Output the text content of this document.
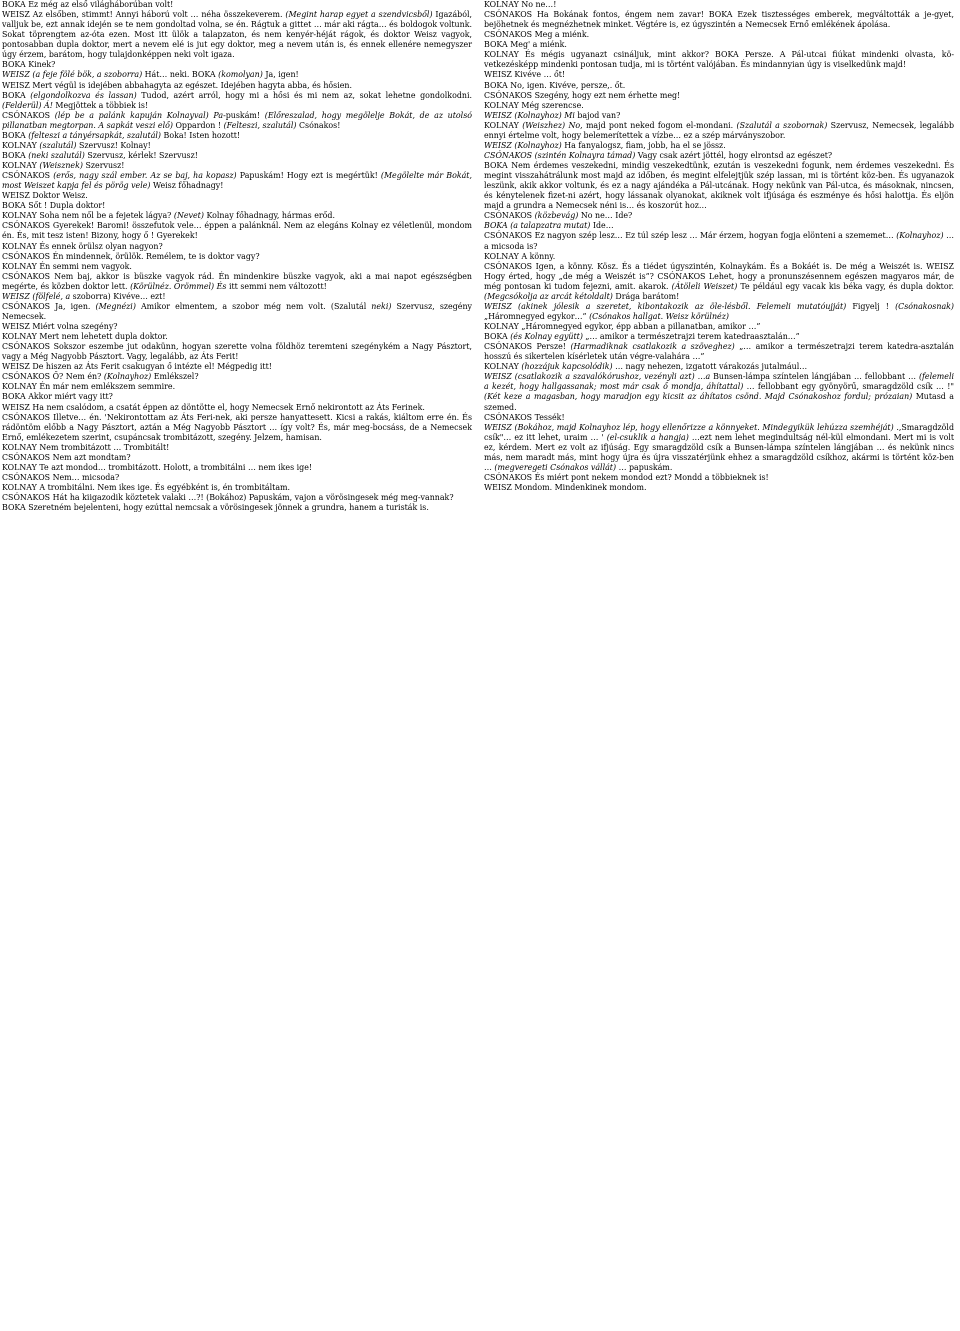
BOKA Ez még az első világháborúban volt!

WEISZ Az elsőben, stimmt! Annyi háború volt … néha összekeverem. (Megint harap egyet a szendvicsből) Igazából, valljuk be, ezt annak idején se te nem gondoltad volna, se én. Rágtuk a gittet … már aki rágta… és boldogok voltunk. Sokat töprengtem az-óta ezen. Most itt ülök a talapzaton, és nem kenyér-héját rágok, és doktor Weisz vagyok, pontosabban dupla doktor, mert a nevem elé is jut egy doktor, meg a nevem után is, és ennek ellenére nemegyszer úgy érzem, barátom, hogy tulajdonképpen neki volt igaza.

BOKA Kinek?

WEISZ (a feje fölé bök, a szoborra) Hát… neki. BOKA (komolyan) Ja, igen!

WEISZ Mert végül is idejében abbahagyta az egészet. Idejében hagyta abba, és hősien.

BOKA (elgondolkozva és lassan) Tudod, azért arról, hogy mi a hősi és mi nem az, sokat lehetne gondolkodni. (Felderül) Á! Megjöttek a többiek is!

CSÓNAKOS (lép be a palánk kapuján Kolnayval) Pa-puskám! (Előreszalad, hogy megölelje Bokát, de az utolsó pillanatban megtorpan. A sapkát veszi elő) Oppardon ! (Felteszi, szalutál) Csónakos!

BOKA (felteszi a tányérsapkát, szalutál) Boka! Isten hozott!

KOLNAY (szalutál) Szervusz! Kolnay!

BOKA (neki szalutál) Szervusz, kérlek! Szervusz!

KOLNAY (Weisznek) Szervusz!

CSÓNAKOS (erős, nagy szál ember. Az se baj, ha kopasz) Papuskám! Hogy ezt is megértük! (Megölelte már Bokát, most Weiszet kapja fel és pörög vele) Weisz főhadnagy!

WEISZ Doktor Weisz.

BOKA Sőt ! Dupla doktor!

KOLNAY Soha nem nől be a fejetek lágya? (Nevet) Kolnay főhadnagy, hármas erőd.

CSÓNAKOS Gyerekek! Baromi! összefutok vele… éppen a palánknál. Nem az elegáns Kolnay ez véletlenül, mondom én. És, mit tesz isten! Bizony, hogy ő ! Gyerekek!

KOLNAY És ennek örülsz olyan nagyon?

CSÓNAKOS Én mindennek, örülök. Remélem, te is doktor vagy?

KOLNAY Én semmi nem vagyok.

CSÓNAKOS Nem baj, akkor is büszke vagyok rád. Én mindenkire büszke vagyok, aki a mai napot egészségben megérte, és közben doktor lett. (Körülnéz. Örömmel) És itt semmi nem változott!

WEISZ (fölfelé, a szoborra) Kivéve… ezt!

CSÓNAKOS Ja, igen. (Megnézi) Amikor elmentem, a szobor még nem volt. (Szalutál neki) Szervusz, szegény Nemecsek.

WEISZ Miért volna szegény?

KOLNAY Mert nem lehetett dupla doktor.

CSÓNAKOS Sokszor eszembe jut odakünn, hogyan szerette volna földhöz teremteni szegénykém a Nagy Pásztort, vagy a Még Nagyobb Pásztort. Vagy, legalább, az Áts Ferit!

WEISZ De hiszen az Áts Ferit csakugyan ő intézte el! Mégpedig itt!

CSÓNAKOS Ő? Nem én? (Kolnayhoz) Emlékszel?

KOLNAY Én már nem emlékszem semmire.

BOKA Akkor miért vagy itt?

WEISZ Ha nem csalódom, a csatát éppen az döntötte el, hogy Nemecsek Ernő nekirontott az Áts Ferinek.

CSÓNAKOS Illetve… én. 'Nekirontottam az Áts Feri-nek, aki persze hanyattesett. Kicsi a rakás, kiáltom erre én. És rádöntöm előbb a Nagy Pásztort, aztán a Még Nagyobb Pásztort … így volt? És, már meg-bocsáss, de a Nemecsek Ernő, emlékezetem szerint, csupáncsak trombitázott, szegény. Jelzem, hamisan.

KOLNAY Nem trombitázott … Trombitált!

CSÓNAKOS Nem azt mondtam?

KOLNAY Te azt mondod… trombitázott. Holott, a trombitálni … nem ikes ige!

CSÓNAKOS Nem… micsoda?

KOLNAY A trombitálni. Nem ikes ige. És egyébként is, én trombitáltam.

CSÓNAKOS Hát ha kiigazodik köztetek valaki …?! (Bokához) Papuskám, vajon a vörösingesek még meg-vannak?

BOKA Szeretném bejelenteni, hogy ezúttal nemcsak a vörösingesek jönnek a grundra, hanem a turisták is.

KOLNAY No ne…!

CSÓNAKOS Ha Bokának fontos, éngem nem zavar! BOKA Ezek tisztességes emberek, megváltották a je-gyet, bejöhetnek és megnézhetnek minket. Végtére is, ez úgyszintén a Nemecsek Ernő emlékének ápolása.

CSÓNAKOS Meg a miénk.

BOKA Meg' a miénk.

KOLNAY És mégis ugyanazt csináljuk, mint akkor? BOKA Persze. A Pál-utcai fiúkat mindenki olvasta, kö-vetkezésképp mindenki pontosan tudja, mi is történt valójában. És mindannyian úgy is viselkedünk majd!

WEISZ Kivéve … őt!

BOKA No, igen. Kivéve, persze,. őt.

CSÓNAKOS Szegény, hogy ezt nem érhette meg!

KOLNAY Még szerencse.

WEISZ (Kolnayhoz) Mi bajod van?

KOLNAY (Weiszhez) No, majd pont neked fogom el-mondani. (Szalutál a szobornak) Szervusz, Nemecsek, legalább ennyi értelme volt, hogy belemerítettek a vízbe… ez a szép márványszobor.

WEISZ (Kolnayhoz) Ha fanyalogsz, fiam, jobb, ha el se jössz.

CSÓNAKOS (szintén Kolnayra támad) Vagy csak azért jöttél, hogy elrontsd az egészet?

BOKA Nem érdemes veszekedni, mindig veszekedtünk, ezután is veszekedni fogunk, nem érdemes veszekedni. És megint visszahátrálunk most majd az időben, és megint elfelejtjük szép lassan, mi is történt köz-ben. És ugyanazok leszünk, akik akkor voltunk, és ez a nagy ajándéka a Pál-utcának. Hogy nekünk van Pál-utca, és másoknak, nincsen, és kénytelenek fizet-ni azért, hogy lássanak olyanokat, akiknek volt ifjúsága és eszménye és hősi halottja. És eljön majd a grundra a Nemecsek néni is… és koszorút hoz…

CSÓNAKOS (közbevág) No ne… Ide?

BOKA (a talapzatra mutat) Ide…

CSÓNAKOS Ez nagyon szép lesz… Ez túl szép lesz … Már érzem, hogyan fogja elönteni a szememet… (Kolnayhoz) … a micsoda is?

KOLNAY A könny.

CSÓNAKOS Igen, a könny. Kösz. És a tiédet úgyszintén, Kolnaykám. És a Bokáét is. De még a Weiszét is. WEISZ Hogy érted, hogy „de még a Weiszét is”? CSÓNAKOS Lehet, hogy a pronunszésennem egészen magyaros már, de még pontosan ki tudom fejezni, amit. akarok. (Átöleli Weiszet) Te például egy vacak kis béka vagy, és dupla doktor. (Megcsókolja az arcát kétoldalt) Drága barátom!

WEISZ (akinek jólesik a szeretet, kibontakozik az öle-lésből. Felemeli mutatóujját) Figyelj ! (Csónakosnak) „Háromnegyed egykor…” (Csónakos hallgat. Weisz körülnéz)

KOLNAY „Háromnegyed egykor, épp abban a pillanatban, amikor …”

BOKA (és Kolnay együtt) „… amikor a természetrajzi terem katedraasztalán…”

CSÓNAKOS Persze! (Harmadiknak csatlakozik a szöveghez) „… amikor a természetrajzi terem katedra-asztalán hosszú és sikertelen kísérletek után végre-valahára …”

KOLNAY (hozzájuk kapcsolódik) … nagy nehezen, izgatott várakozás jutalmául…

WEISZ (csatlakozik a szavalókórushoz, vezényli azt) …a Bunsen-lámpa színtelen lángjában … fellobbant … (felemeli a kezét, hogy hallgassanak; most már csak ő mondja, áhítattal) … fellobbant egy gyönyörű, smaragdzöld csík … !" (Két keze a magasban, hogy maradjon egy kicsit az áhítatos csönd. Majd Csónakoshoz fordul; prózaian) Mutasd a szemed.

CSÓNAKOS Tessék!

WEISZ (Bokához, majd Kolnayhoz lép, hogy ellenőrizze a könnyeket. Mindegyikük lehúzza szemhéját) .,Smaragdzöld csík"… ez itt lehet, uraim … ' (el-csuklik a hangja) …ezt nem lehet megindultság nél-kül elmondani. Mert mi is volt ez, kérdem. Mert ez volt az ifjúság. Egy smaragdzöld csík a Bunsen-lámpa színtelen lángjában … és nekünk nincs más, nem maradt más, mint hogy újra és újra visszatérjünk ehhez a smaragdzöld csíkhoz, akármi is történt köz-ben … (megveregeti Csónakos vállát) … papuskám.

CSÓNAKOS És miért pont nekem mondod ezt? Mondd a többieknek is!

WEISZ Mondom. Mindenkinek mondom.
